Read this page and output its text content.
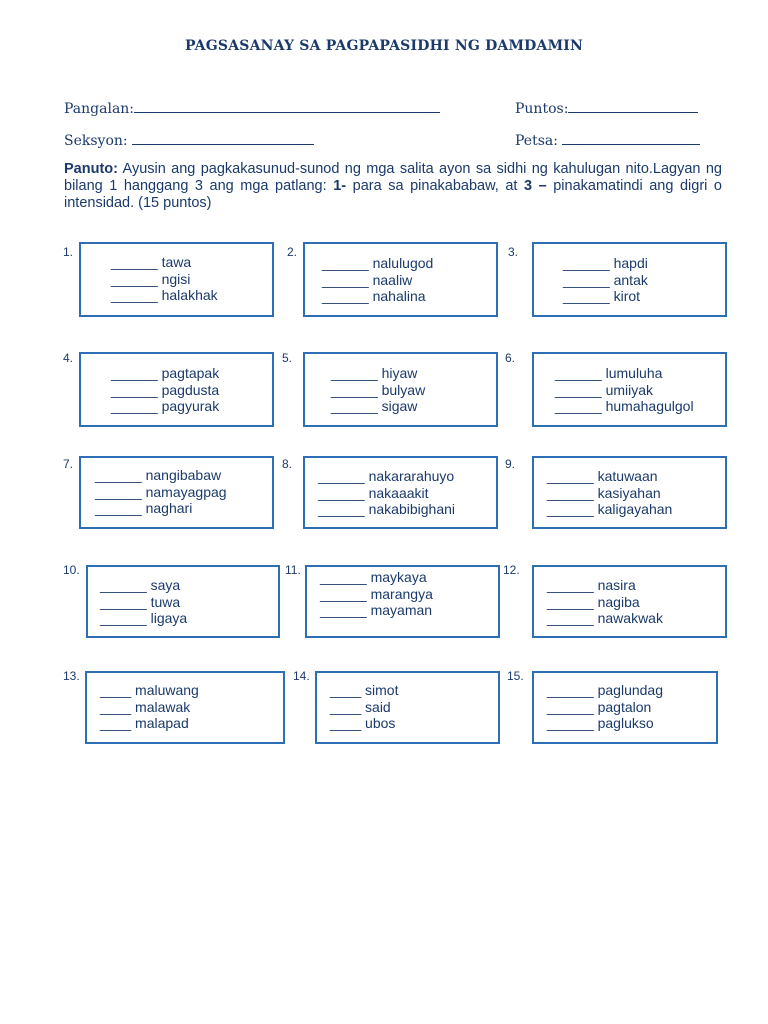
PAGSASANAY SA PAGPAPASIDHI NG DAMDAMIN
Pangalan:	Puntos:
Seksyon:	Petsa:
Panuto: Ayusin ang pagkakasunud-sunod ng mga salita ayon sa sidhi ng kahulugan nito.Lagyan ng bilang 1 hanggang 3 ang mga patlang: 1- para sa pinakababaw, at 3 – pinakamatindi ang digri o intensidad. (15 puntos)
1.
______ tawa
______ ngisi
______ halakhak
2.
______ nalulugod
______ naaliw
______ nahalina
3.
______ hapdi
______ antak
______ kirot
4.
______ pagtapak
______ pagdusta
______ pagyurak
5.
______ hiyaw
______ bulyaw
______ sigaw
6.
______ lumuluha
______ umiiyak
______ humahagulgol
7.
______ nangibabaw
______ namayagpag
______ naghari
8.
______ nakararahuyo
______ nakaaakit
______ nakabibighani
9.
______ katuwaan
______ kasiyahan
______ kaligayahan
10.
______ saya
______ tuwa
______ ligaya
11. ______ maykaya
______ marangya
______ mayaman
12.
______ nasira
______ nagiba
______ nawakwak
13.
____ maluwang
____ malawak
____ malapad
14.
____ simot
____ said
____ ubos
15.
______ paglundag
______ pagtalon
______ paglukso
